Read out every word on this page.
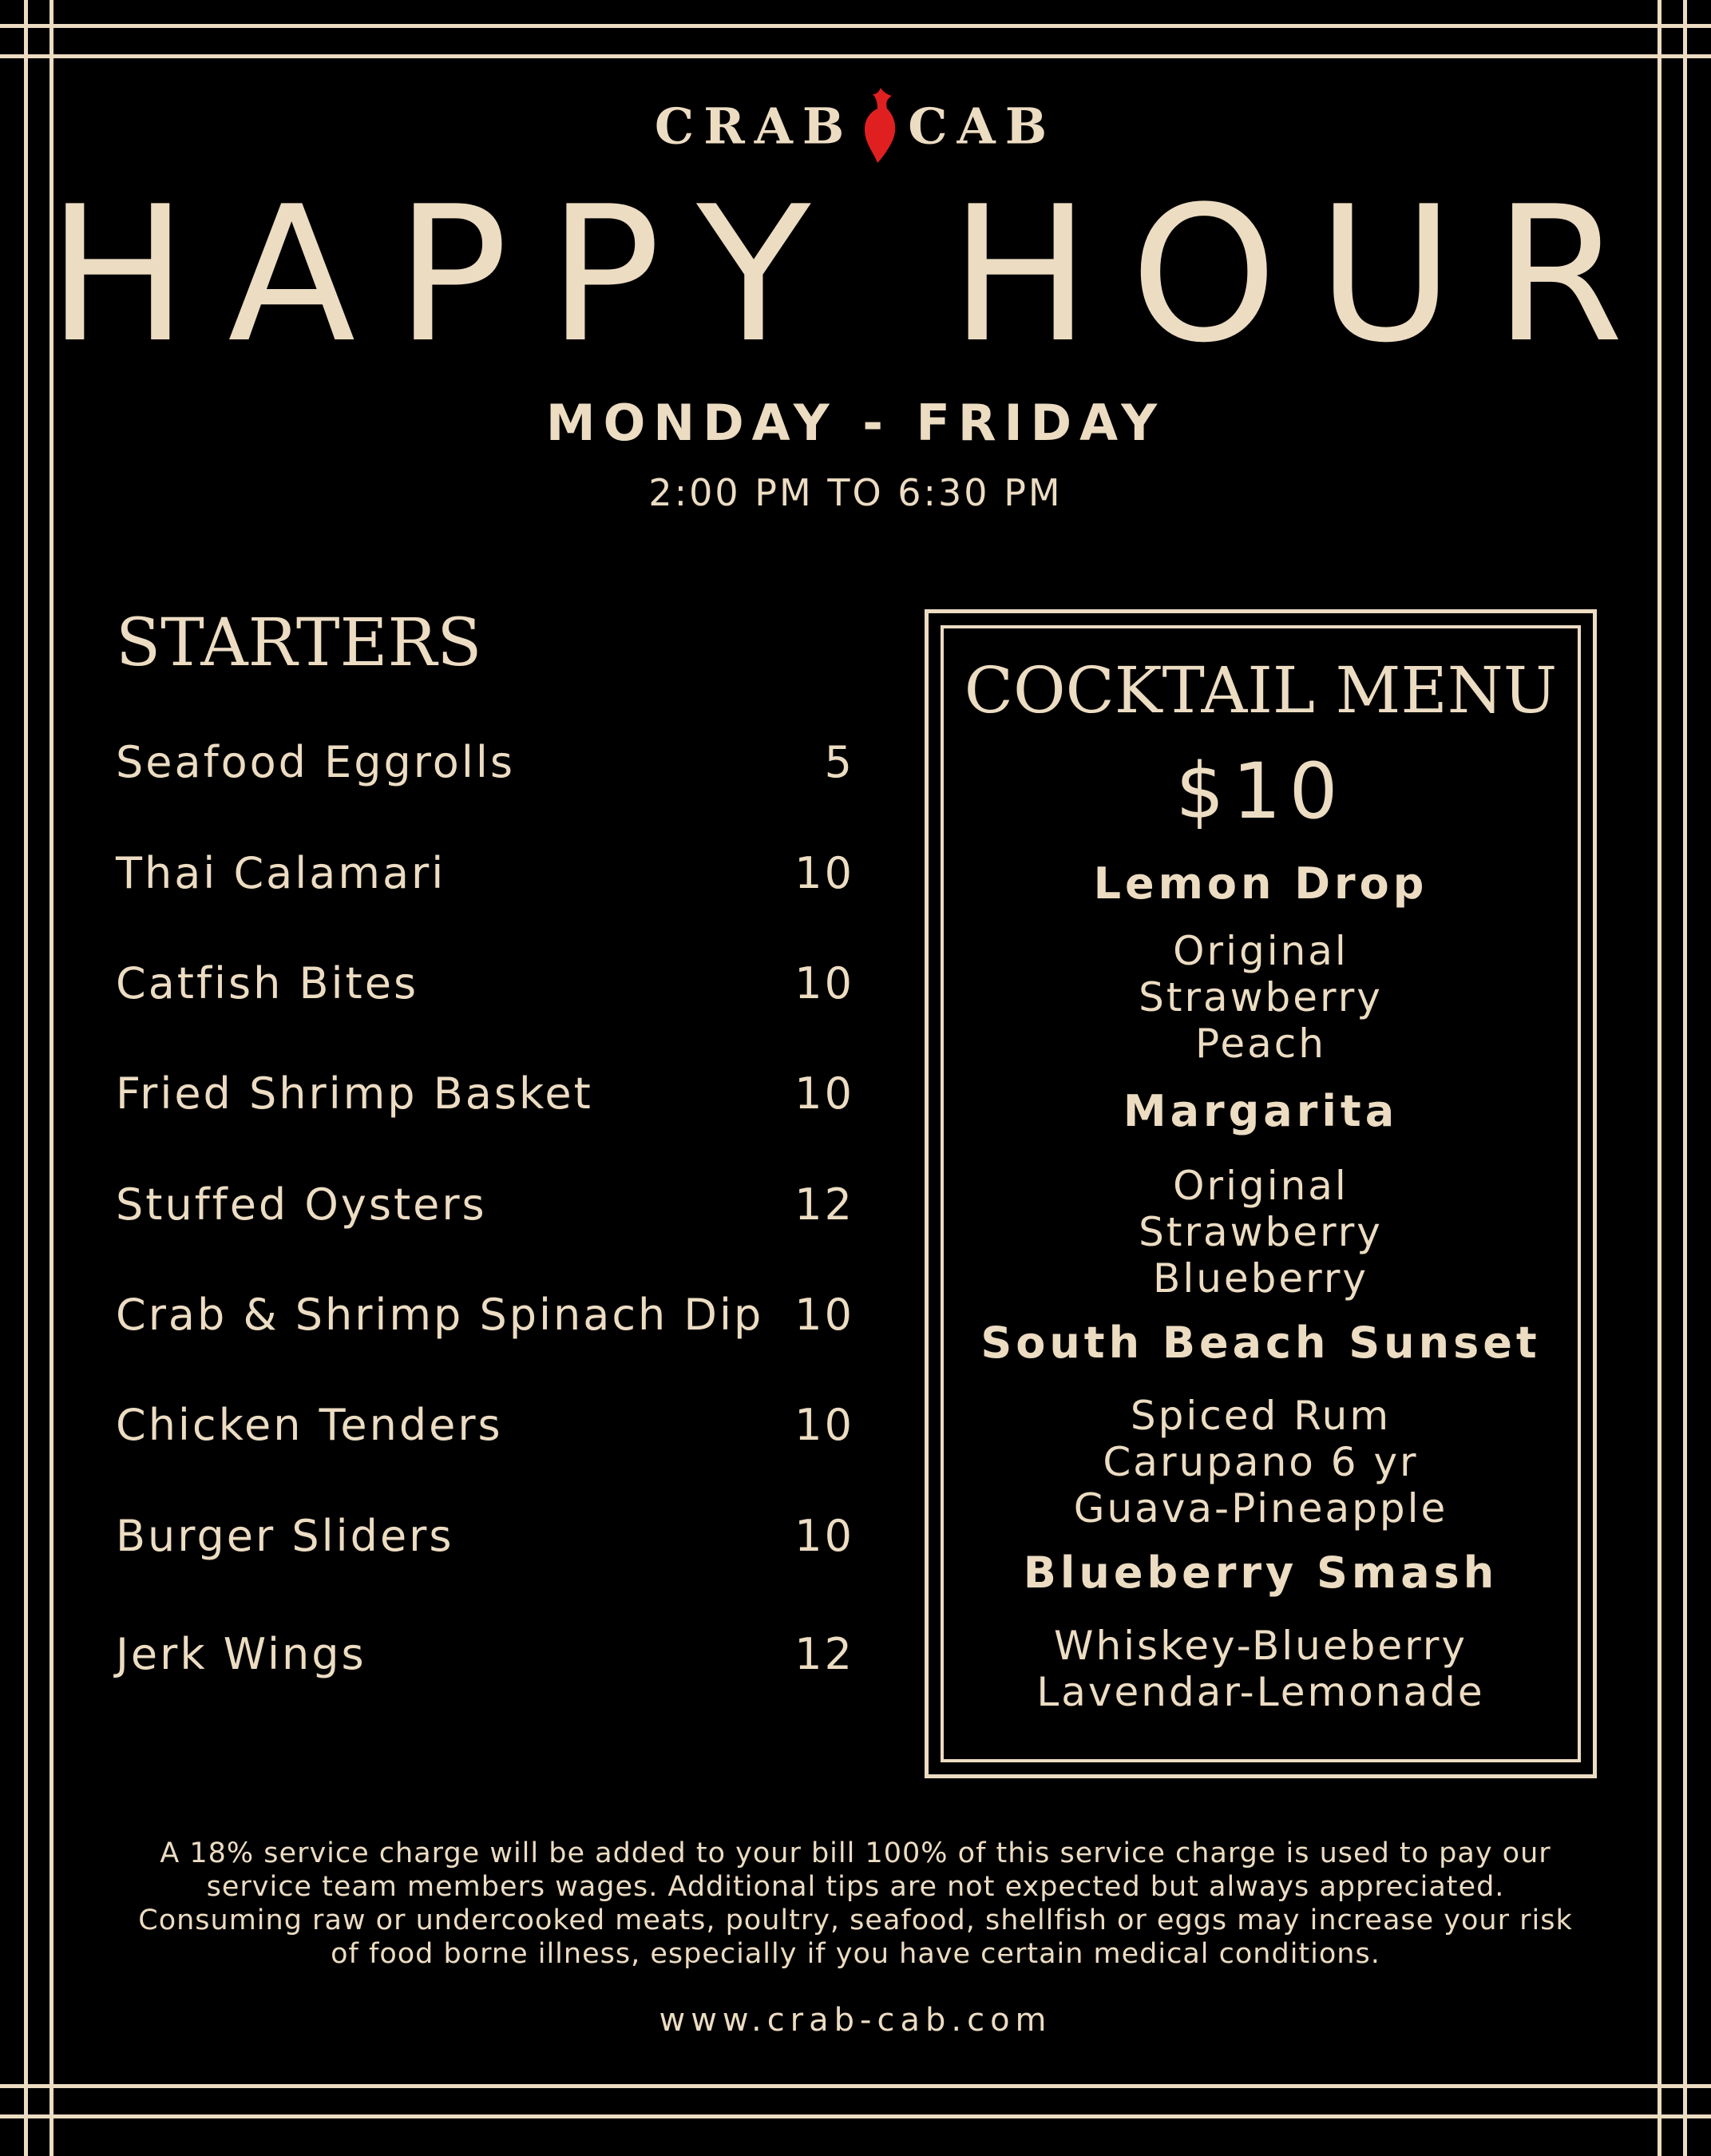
CRAB CAB
HAPPY HOUR
MONDAY - FRIDAY
2:00 PM TO 6:30 PM
STARTERS
Seafood Eggrolls	5
Thai Calamari	10
Catfish Bites	10
Fried Shrimp Basket	10
Stuffed Oysters	12
Crab & Shrimp Spinach Dip 10
Chicken Tenders	10
Burger Sliders	10
Jerk Wings	12
COCKTAIL MENU
$10
Lemon Drop
Original
Strawberry
Peach
Margarita
Original
Strawberry
Blueberry
South Beach Sunset
Spiced Rum
Carupano 6 yr
Guava-Pineapple
Blueberry Smash
Whiskey-Blueberry
Lavendar-Lemonade
A 18% service charge will be added to your bill 100% of this service charge is used to pay our
service team members wages. Additional tips are not expected but always appreciated.
Consuming raw or undercooked meats, poultry, seafood, shellfish or eggs may increase your risk
of food borne illness, especially if you have certain medical conditions.
www.crab-cab.com
